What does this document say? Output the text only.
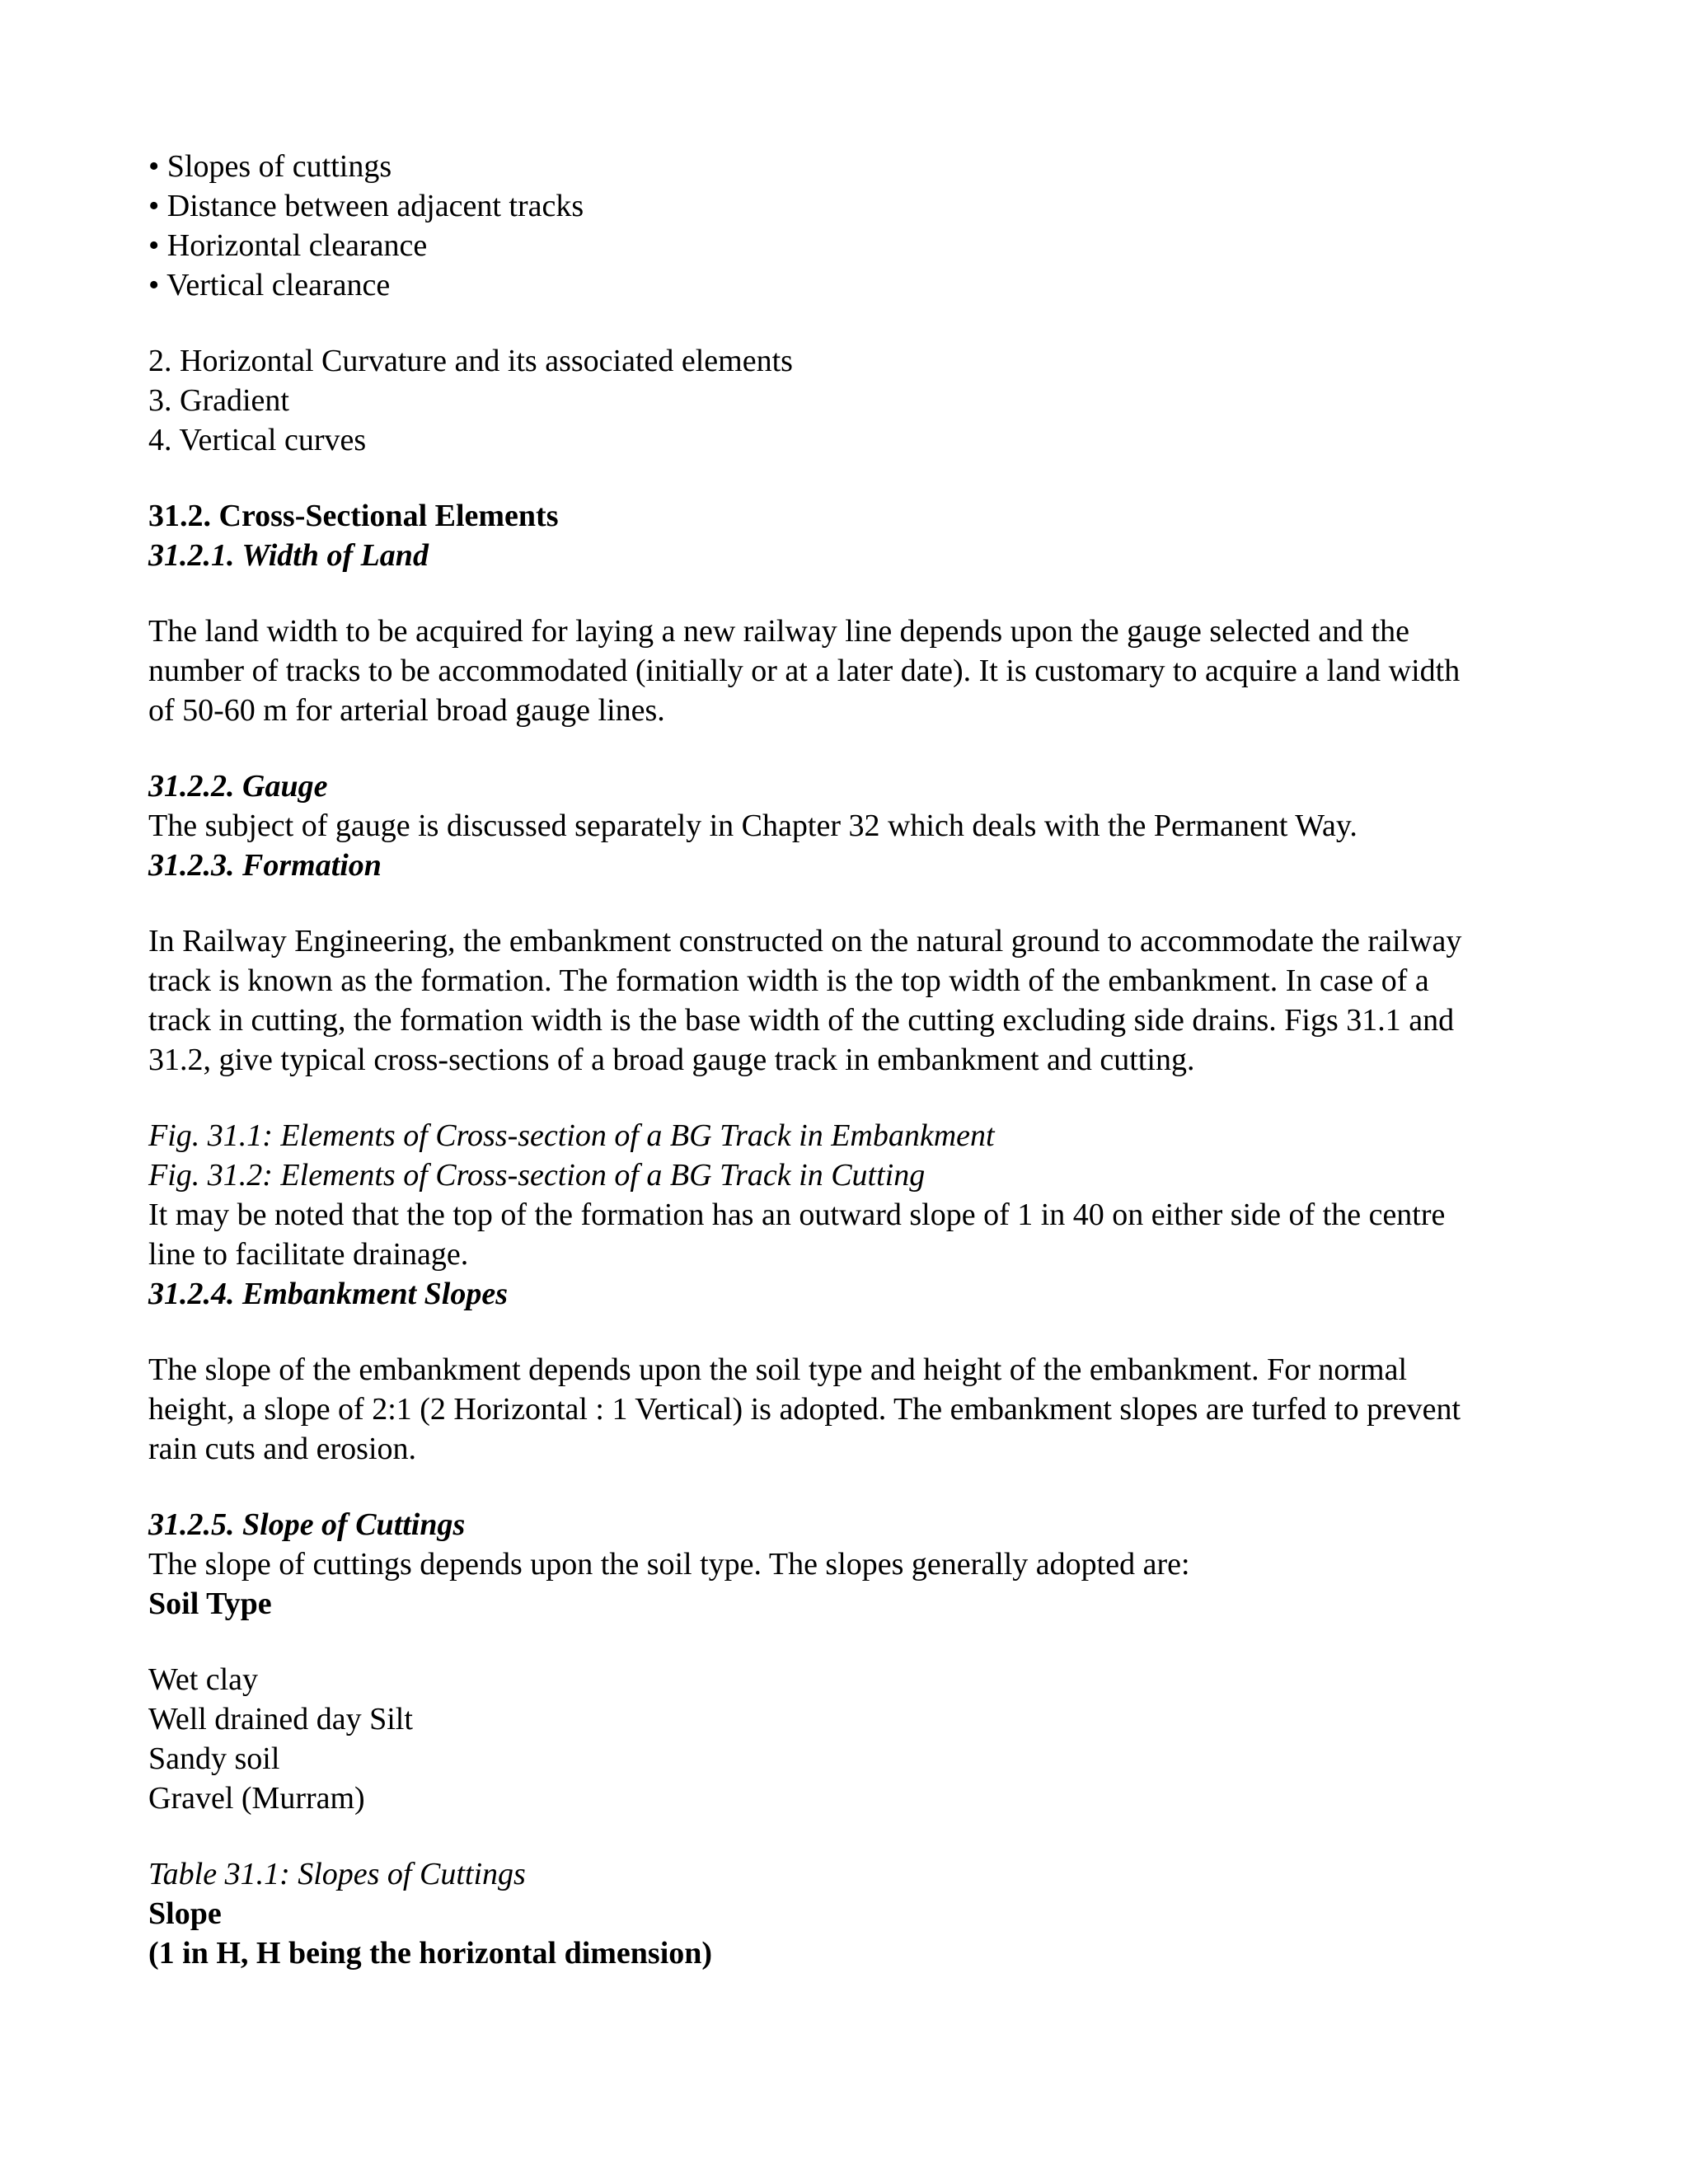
• Slopes of cuttings
• Distance between adjacent tracks
• Horizontal clearance
• Vertical clearance
2. Horizontal Curvature and its associated elements
3. Gradient
4. Vertical curves
31.2. Cross-Sectional Elements
31.2.1. Width of Land
The land width to be acquired for laying a new railway line depends upon the gauge selected and the
number of tracks to be accommodated (initially or at a later date). It is customary to acquire a land width
of 50-60 m for arterial broad gauge lines.
31.2.2. Gauge
The subject of gauge is discussed separately in Chapter 32 which deals with the Permanent Way.
31.2.3. Formation
In Railway Engineering, the embankment constructed on the natural ground to accommodate the railway
track is known as the formation. The formation width is the top width of the embankment. In case of a
track in cutting, the formation width is the base width of the cutting excluding side drains. Figs 31.1 and
31.2, give typical cross-sections of a broad gauge track in embankment and cutting.
Fig. 31.1: Elements of Cross-section of a BG Track in Embankment
Fig. 31.2: Elements of Cross-section of a BG Track in Cutting
It may be noted that the top of the formation has an outward slope of 1 in 40 on either side of the centre
line to facilitate drainage.
31.2.4. Embankment Slopes
The slope of the embankment depends upon the soil type and height of the embankment. For normal
height, a slope of 2:1 (2 Horizontal : 1 Vertical) is adopted. The embankment slopes are turfed to prevent
rain cuts and erosion.
31.2.5. Slope of Cuttings
The slope of cuttings depends upon the soil type. The slopes generally adopted are:
Soil Type
Wet clay
Well drained day Silt
Sandy soil
Gravel (Murram)
Table 31.1: Slopes of Cuttings
Slope
(1 in H, H being the horizontal dimension)
